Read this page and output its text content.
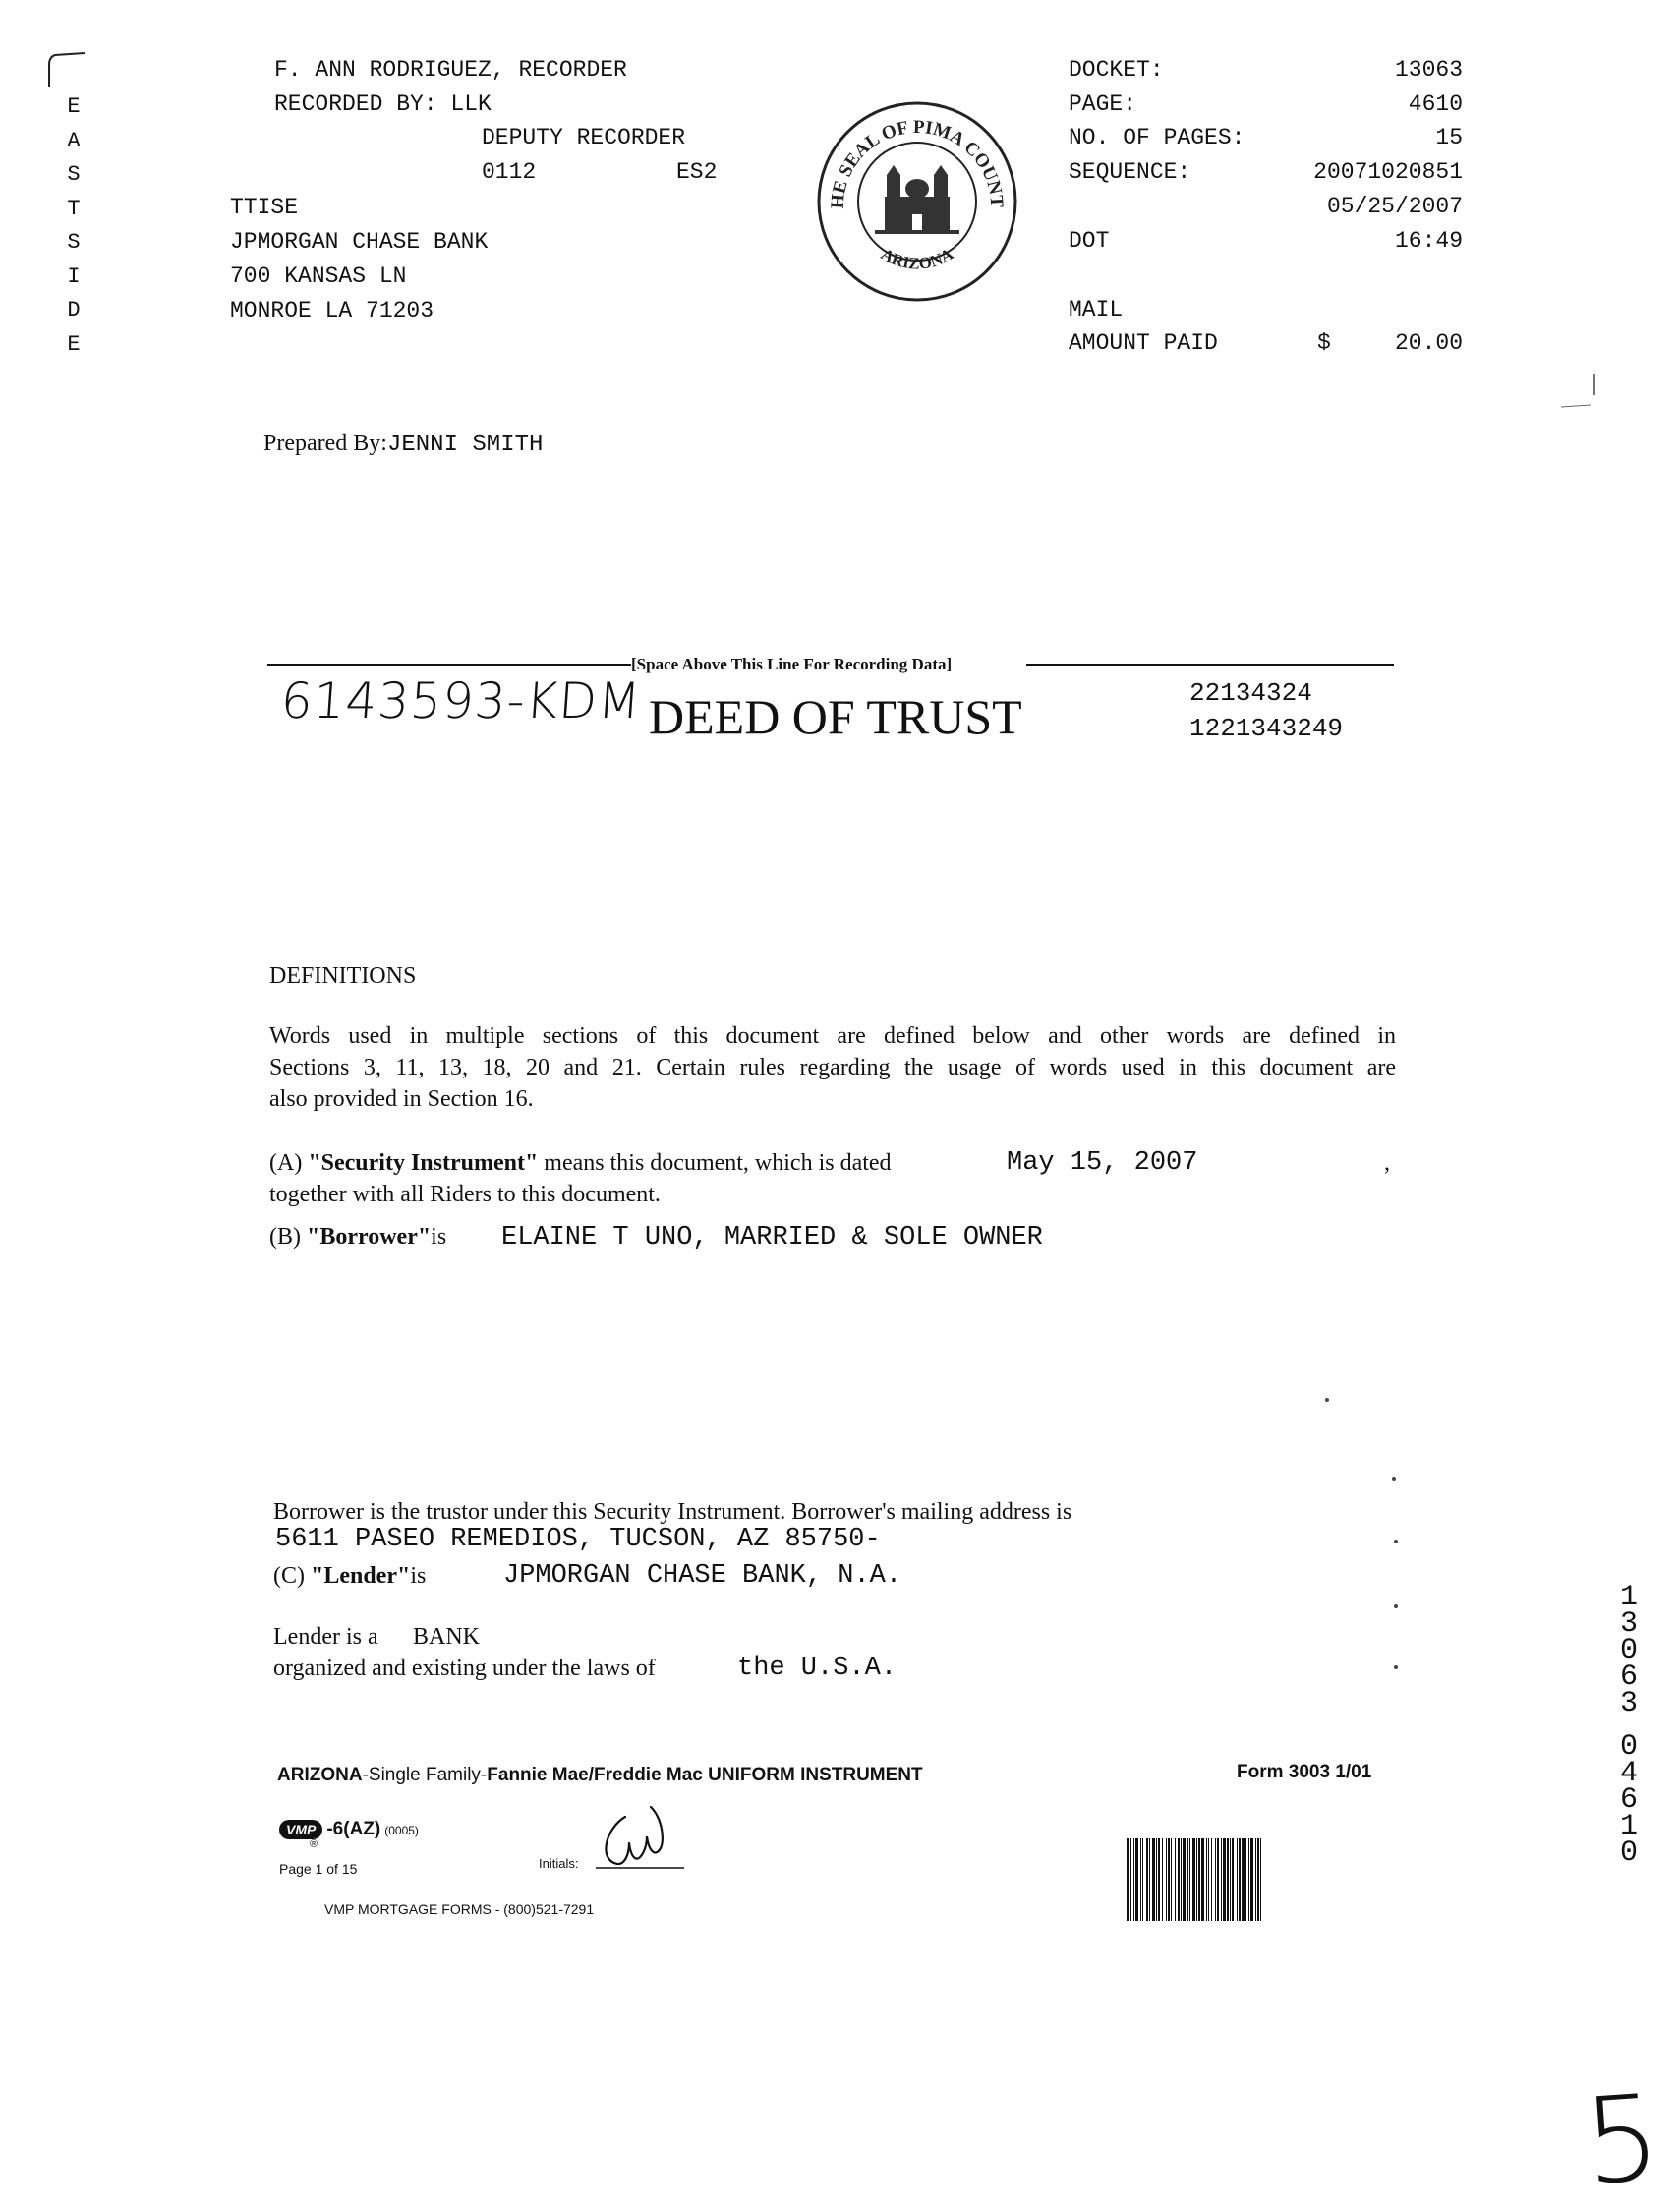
E
A
S
T
S
I
D
E
F. ANN RODRIGUEZ, RECORDER
RECORDED BY: LLK
DEPUTY RECORDER
0112	ES2
TTISE
JPMORGAN CHASE BANK
700 KANSAS LN
MONROE LA 71203
HE SEAL OF PIMA COUNT
ARIZONA
DOCKET:	13063
PAGE:	4610
NO. OF PAGES:	15
SEQUENCE:	20071020851
05/25/2007
DOT	16:49
MAIL
AMOUNT PAID	$	20.00
Prepared By:JENNI SMITH
[Space Above This Line For Recording Data]
6143593-KDM DEED OF TRUST	22134324
1221343249
DEFINITIONS
Words used in multiple sections of this document are defined below and other words are defined in
Sections 3, 11, 13, 18, 20 and 21. Certain rules regarding the usage of words used in this document are
also provided in Section 16.
(A) "Security Instrument" means this document, which is dated	May 15, 2007	,
together with all Riders to this document.
(B) "Borrower"is ELAINE T UNO, MARRIED & SOLE OWNER
Borrower is the trustor under this Security Instrument. Borrower's mailing address is
5611 PASEO REMEDIOS, TUCSON, AZ 85750-
(C) "Lender"is	JPMORGAN CHASE BANK, N.A.
Lender is a BANK
organized and existing under the laws of	the U.S.A.
1
3
0
6
3
0
4
6
1
0
ARIZONA-Single Family-Fannie Mae/Freddie Mac UNIFORM INSTRUMENT	Form 3003 1/01
VMP -6(AZ) (0005)
®
Page 1 of 15	Initials:
VMP MORTGAGE FORMS - (800)521-7291
5
